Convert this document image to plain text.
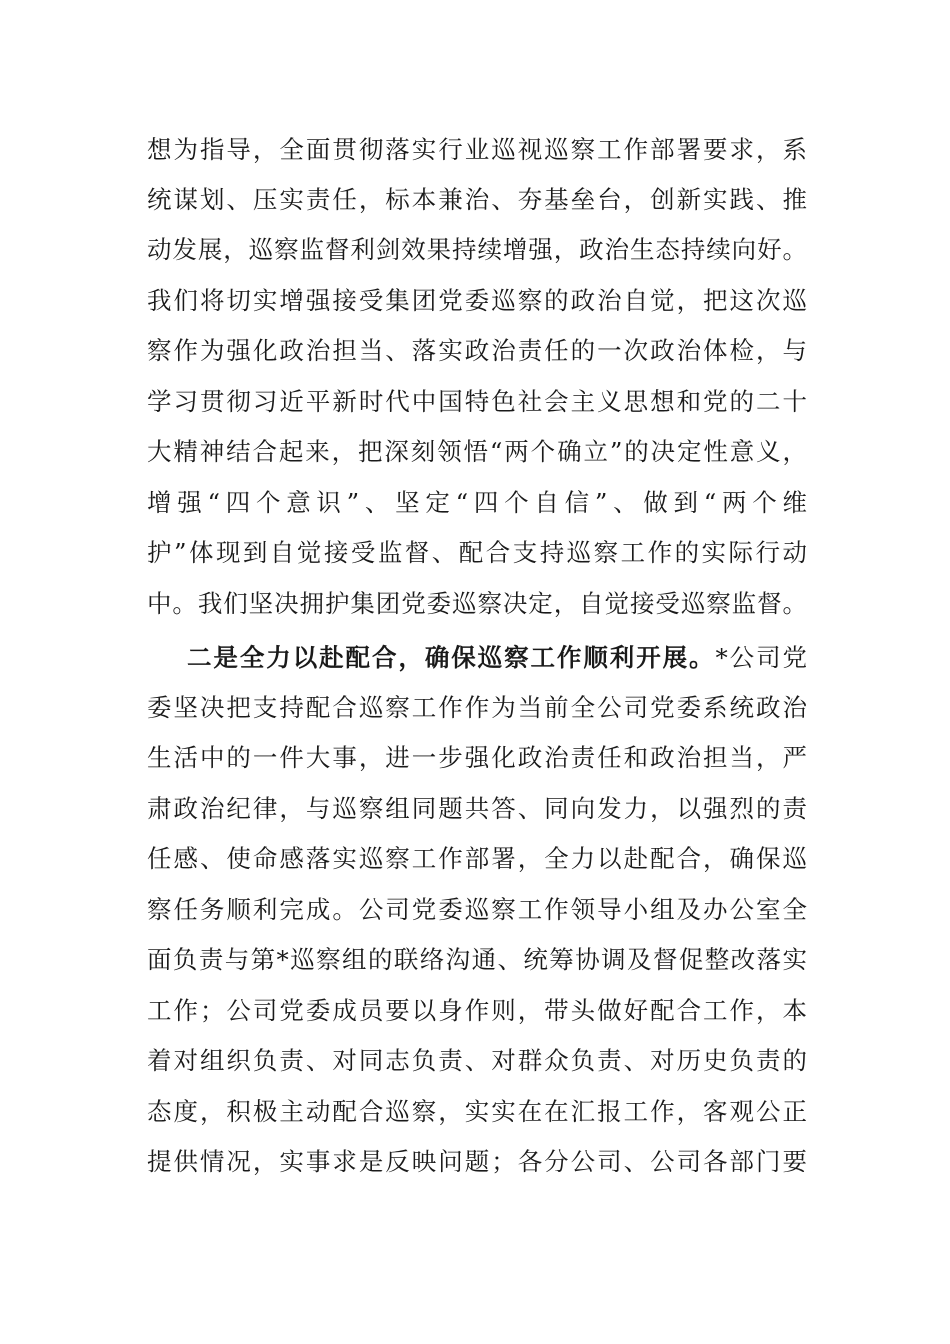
想为指导，全面贯彻落实行业巡视巡察工作部署要求，系
统谋划、压实责任，标本兼治、夯基垒台，创新实践、推
动发展，巡察监督利剑效果持续增强，政治生态持续向好。
我们将切实增强接受集团党委巡察的政治自觉，把这次巡
察作为强化政治担当、落实政治责任的一次政治体检，与
学习贯彻习近平新时代中国特色社会主义思想和党的二十
大精神结合起来，把深刻领悟“两个确立”的决定性意义，
增强“四个意识”、坚定“四个自信”、做到“两个维
护”体现到自觉接受监督、配合支持巡察工作的实际行动
中。我们坚决拥护集团党委巡察决定，自觉接受巡察监督。
二是全力以赴配合，确保巡察工作顺利开展。*公司党
委坚决把支持配合巡察工作作为当前全公司党委系统政治
生活中的一件大事，进一步强化政治责任和政治担当，严
肃政治纪律，与巡察组同题共答、同向发力，以强烈的责
任感、使命感落实巡察工作部署，全力以赴配合，确保巡
察任务顺利完成。公司党委巡察工作领导小组及办公室全
面负责与第*巡察组的联络沟通、统筹协调及督促整改落实
工作；公司党委成员要以身作则，带头做好配合工作，本
着对组织负责、对同志负责、对群众负责、对历史负责的
态度，积极主动配合巡察，实实在在汇报工作，客观公正
提供情况，实事求是反映问题；各分公司、公司各部门要
